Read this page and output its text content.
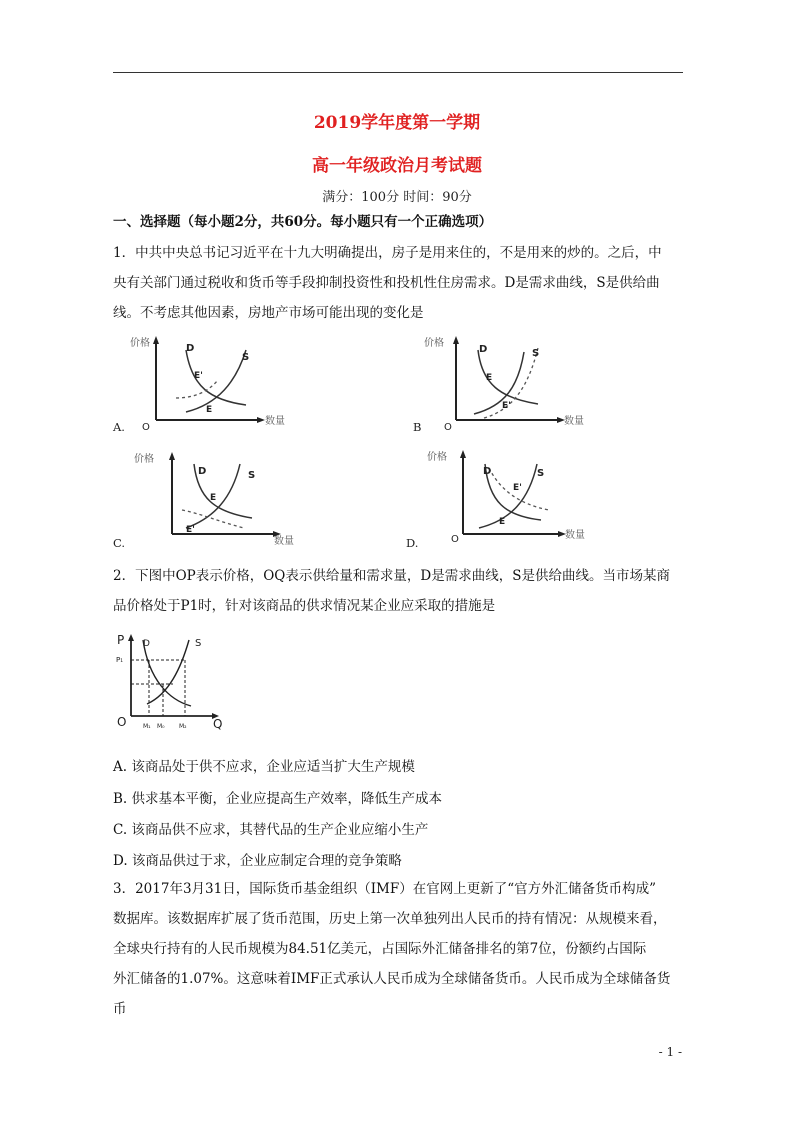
2019学年度第一学期
高一年级政治月考试题
满分：100分 时间：90分
一、选择题（每小题2分，共60分。每小题只有一个正确选项）
1．中共中央总书记习近平在十九大明确提出，房子是用来住的，不是用来的炒的。之后，中
央有关部门通过税收和货币等手段抑制投资性和投机性住房需求。D是需求曲线，S是供给曲
线。不考虑其他因素，房地产市场可能出现的变化是
价格
数量
O
D
S
E'
E
A.
价格
数量
O
D	S
E
E'
B
价格
数量
D	S
E
E'
C.
价格
数量
O
D	S
E'
E
D.
2．下图中OP表示价格，OQ表示供给量和需求量，D是需求曲线，S是供给曲线。当市场某商
品价格处于P1时，针对该商品的供求情况某企业应采取的措施是
P
Q
O
D	S
P₁
M₁ M₀ M₂
A. 该商品处于供不应求，企业应适当扩大生产规模
B. 供求基本平衡，企业应提高生产效率，降低生产成本
C. 该商品供不应求，其替代品的生产企业应缩小生产
D. 该商品供过于求，企业应制定合理的竞争策略
3．2017年3月31日，国际货币基金组织（IMF）在官网上更新了“官方外汇储备货币构成”
数据库。该数据库扩展了货币范围，历史上第一次单独列出人民币的持有情况：从规模来看，
全球央行持有的人民币规模为84.51亿美元，占国际外汇储备排名的第7位，份额约占国际
外汇储备的1.07%。这意味着IMF正式承认人民币成为全球储备货币。人民币成为全球储备货
币
- 1 -
